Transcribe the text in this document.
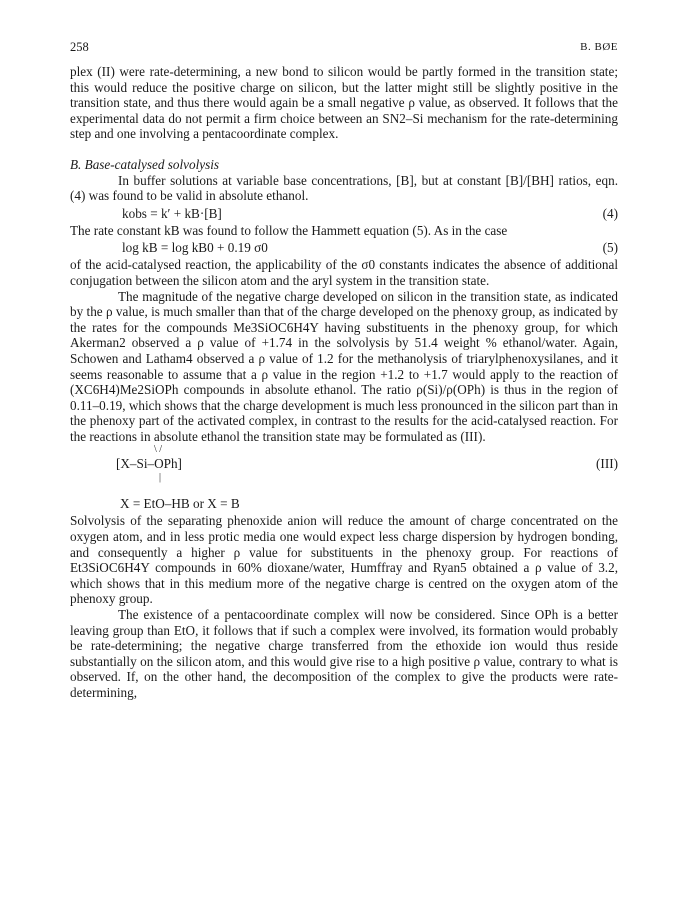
258	B. BØE

plex (II) were rate-determining, a new bond to silicon would be partly formed in the transition state; this would reduce the positive charge on silicon, but the latter might still be slightly positive in the transition state, and thus there would again be a small negative ρ value, as observed. It follows that the experimental data do not permit a firm choice between an SN2–Si mechanism for the rate-determining step and one involving a pentacoordinate complex.

B. Base-catalysed solvolysis

In buffer solutions at variable base concentrations, [B], but at constant [B]/[BH] ratios, eqn. (4) was found to be valid in absolute ethanol.

kobs = k′ + kB·[B]	(4)

The rate constant kB was found to follow the Hammett equation (5). As in the case

log kB = log kB0 + 0.19 σ0	(5)

of the acid-catalysed reaction, the applicability of the σ0 constants indicates the absence of additional conjugation between the silicon atom and the aryl system in the transition state.

The magnitude of the negative charge developed on silicon in the transition state, as indicated by the ρ value, is much smaller than that of the charge developed on the phenoxy group, as indicated by the rates for the compounds Me3SiOC6H4Y having substituents in the phenoxy group, for which Akerman2 observed a ρ value of +1.74 in the solvolysis by 51.4 weight % ethanol/water. Again, Schowen and Latham4 observed a ρ value of 1.2 for the methanolysis of triarylphenoxysilanes, and it seems reasonable to assume that a ρ value in the region +1.2 to +1.7 would apply to the reaction of (XC6H4)Me2SiOPh compounds in absolute ethanol. The ratio ρ(Si)/ρ(OPh) is thus in the region of 0.11–0.19, which shows that the charge development is much less pronounced in the silicon part than in the phenoxy part of the activated complex, in contrast to the results for the acid-catalysed reaction. For the reactions in absolute ethanol the transition state may be formulated as (III).

\ /
[X–Si–OPh]
|
(III)
X = EtO–HB or X = B

Solvolysis of the separating phenoxide anion will reduce the amount of charge concentrated on the oxygen atom, and in less protic media one would expect less charge dispersion by hydrogen bonding, and consequently a higher ρ value for substituents in the phenoxy group. For reactions of Et3SiOC6H4Y compounds in 60% dioxane/water, Humffray and Ryan5 obtained a ρ value of 3.2, which shows that in this medium more of the negative charge is centred on the oxygen atom of the phenoxy group.

The existence of a pentacoordinate complex will now be considered. Since OPh is a better leaving group than EtO, it follows that if such a complex were involved, its formation would probably be rate-determining; the negative charge transferred from the ethoxide ion would thus reside substantially on the silicon atom, and this would give rise to a high positive ρ value, contrary to what is observed. If, on the other hand, the decomposition of the complex to give the products were rate-determining,
